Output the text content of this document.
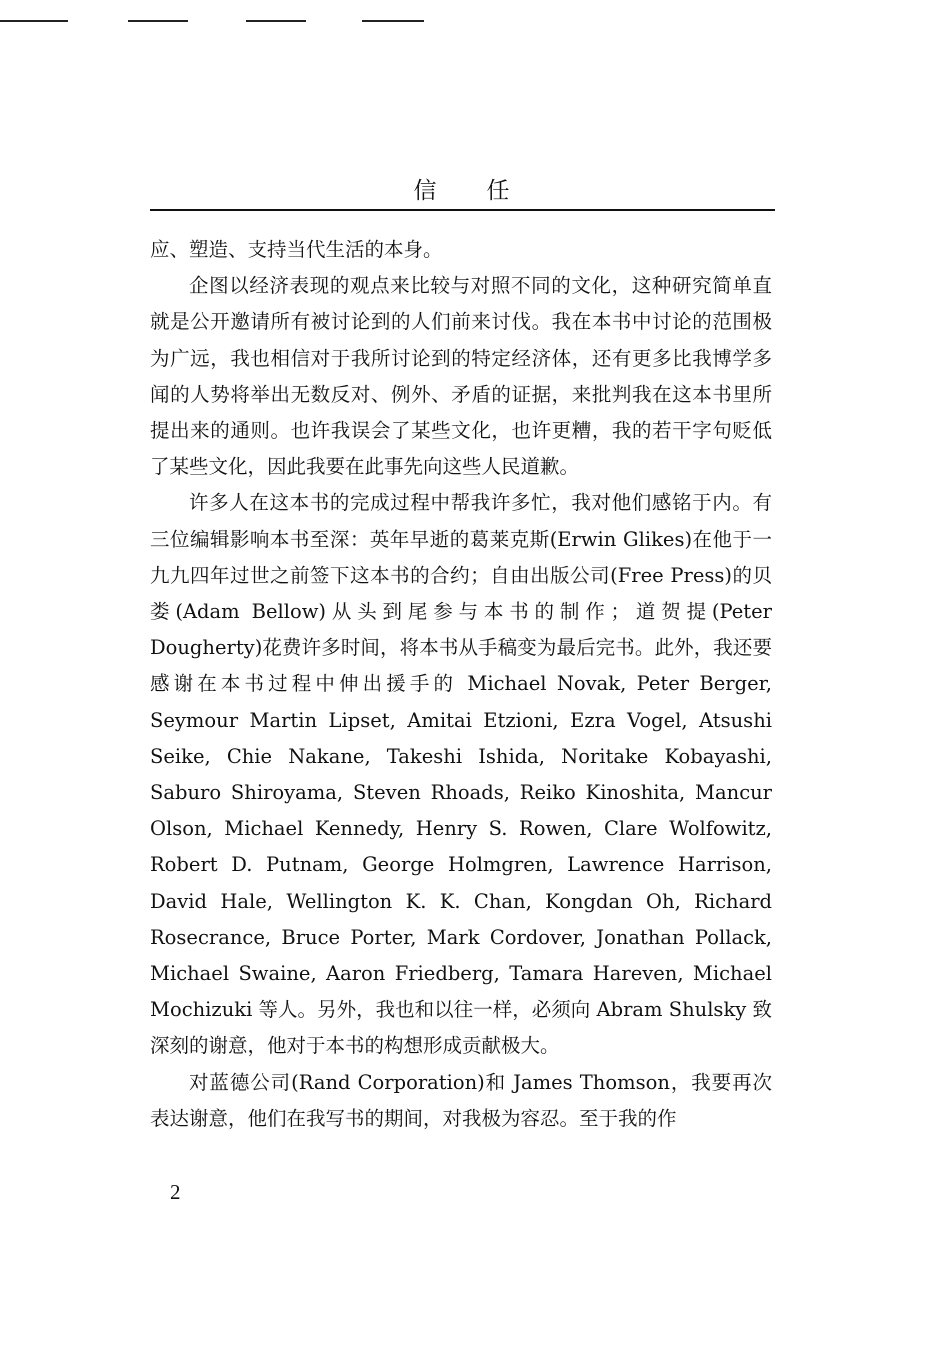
信 任

应、塑造、支持当代生活的本身。

企图以经济表现的观点来比较与对照不同的文化，这种研究简单直就是公开邀请所有被讨论到的人们前来讨伐。我在本书中讨论的范围极为广远，我也相信对于我所讨论到的特定经济体，还有更多比我博学多闻的人势将举出无数反对、例外、矛盾的证据，来批判我在这本书里所提出来的通则。也许我误会了某些文化，也许更糟，我的若干字句贬低了某些文化，因此我要在此事先向这些人民道歉。

许多人在这本书的完成过程中帮我许多忙，我对他们感铭于内。有三位编辑影响本书至深：英年早逝的葛莱克斯(Erwin Glikes)在他于一九九四年过世之前签下这本书的合约；自由出版公司(Free Press)的贝娄(Adam Bellow)从头到尾参与本书的制作；道贺提(Peter Dougherty)花费许多时间，将本书从手稿变为最后完书。此外，我还要感谢在本书过程中伸出援手的 Michael Novak, Peter Berger, Seymour Martin Lipset, Amitai Etzioni, Ezra Vogel, Atsushi Seike, Chie Nakane, Takeshi Ishida, Noritake Kobayashi, Saburo Shiroyama, Steven Rhoads, Reiko Kinoshita, Mancur Olson, Michael Kennedy, Henry S. Rowen, Clare Wolfowitz, Robert D. Putnam, George Holmgren, Lawrence Harrison, David Hale, Wellington K. K. Chan, Kongdan Oh, Richard Rosecrance, Bruce Porter, Mark Cordover, Jonathan Pollack, Michael Swaine, Aaron Friedberg, Tamara Hareven, Michael Mochizuki 等人。另外，我也和以往一样，必须向 Abram Shulsky 致深刻的谢意，他对于本书的构想形成贡献极大。

对蓝德公司(Rand Corporation)和 James Thomson，我要再次表达谢意，他们在我写书的期间，对我极为容忍。至于我的作

2
